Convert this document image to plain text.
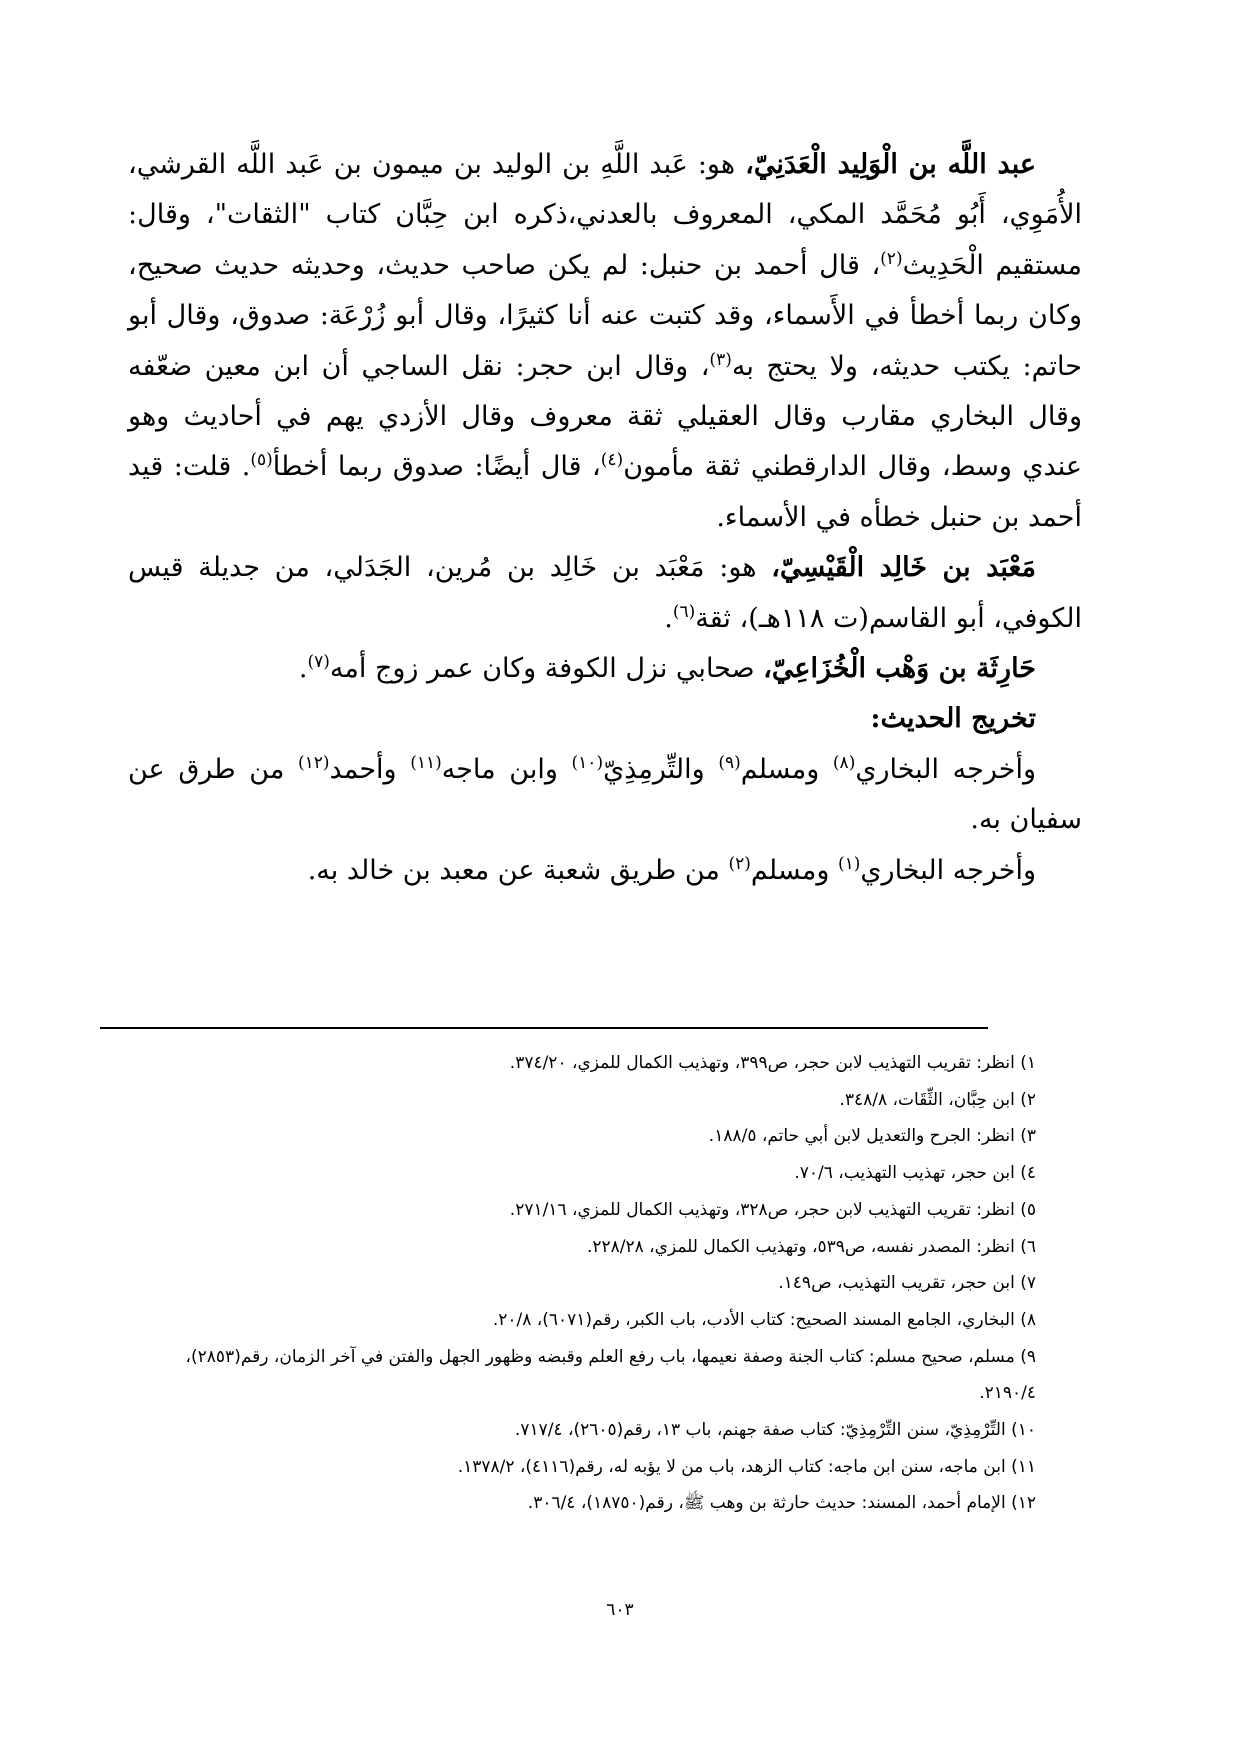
عبد اللَّه بن الْوَلِيد الْعَدَنِيّ، هو: عَبد اللَّهِ بن الوليد بن ميمون بن عَبد اللَّه القرشي، الأُمَوِي، أَبُو مُحَمَّد المكي، المعروف بالعدني،ذكره ابن حِبَّان كتاب "الثقات"، وقال: مستقيم الْحَدِيث$^{(٢)}$، قال أحمد بن حنبل: لم يكن صاحب حديث، وحديثه حديث صحيح، وكان ربما أخطأ في الأَسماء، وقد كتبت عنه أنا كثيرًا، وقال أبو زُرْعَة: صدوق، وقال أبو حاتم: يكتب حديثه، ولا يحتج به$^{(٣)}$، وقال ابن حجر: نقل الساجي أن ابن معين ضعّفه وقال البخاري مقارب وقال العقيلي ثقة معروف وقال الأزدي يهم في أحاديث وهو عندي وسط، وقال الدارقطني ثقة مأمون$^{(٤)}$، قال أيضًا: صدوق ربما أخطأ$^{(٥)}$. قلت: قيد أحمد بن حنبل خطأه في الأسماء.

مَعْبَد بن خَالِد الْقَيْسِيّ، هو: مَعْبَد بن خَالِد بن مُرين، الجَدَلي، من جديلة قيس الكوفي، أبو القاسم(ت ١١٨هـ)، ثقة$^{(٦)}$.

حَارِثَة بن وَهْب الْخُزَاعِيّ، صحابي نزل الكوفة وكان عمر زوج أمه$^{(٧)}$.

تخريج الحديث:

وأخرجه البخاري$^{(٨)}$ ومسلم$^{(٩)}$ والتِّرمِذِيّ$^{(١٠)}$ وابن ماجه$^{(١١)}$ وأحمد$^{(١٢)}$ من طرق عن سفيان به.

وأخرجه البخاري$^{(١)}$ ومسلم$^{(٢)}$ من طريق شعبة عن معبد بن خالد به.

١) انظر: تقريب التهذيب لابن حجر، ص٣٩٩، وتهذيب الكمال للمزي، ٣٧٤/٢٠.
٢) ابن حِبَّان، الثِّقَات، ٣٤٨/٨.
٣) انظر: الجرح والتعديل لابن أبي حاتم، ١٨٨/٥.
٤) ابن حجر، تهذيب التهذيب، ٧٠/٦.
٥) انظر: تقريب التهذيب لابن حجر، ص٣٢٨، وتهذيب الكمال للمزي، ٢٧١/١٦.
٦) انظر: المصدر نفسه، ص٥٣٩، وتهذيب الكمال للمزي، ٢٢٨/٢٨.
٧) ابن حجر، تقريب التهذيب، ص١٤٩.
٨) البخاري، الجامع المسند الصحيح: كتاب الأدب، باب الكبر، رقم(٦٠٧١)، ٢٠/٨.
٩) مسلم، صحيح مسلم: كتاب الجنة وصفة نعيمها، باب رفع العلم وقبضه وظهور الجهل والفتن في آخر الزمان، رقم(٢٨٥٣)، ٢١٩٠/٤.
١٠) التِّرْمِذِيّ، سنن التِّرْمِذِيّ: كتاب صفة جهنم، باب ١٣، رقم(٢٦٠٥)، ٧١٧/٤.
١١) ابن ماجه، سنن ابن ماجه: كتاب الزهد، باب من لا يؤبه له، رقم(٤١١٦)، ١٣٧٨/٢.
١٢) الإمام أحمد، المسند: حديث حارثة بن وهب ﷺ، رقم(١٨٧٥٠)، ٣٠٦/٤.
٦٠٣
